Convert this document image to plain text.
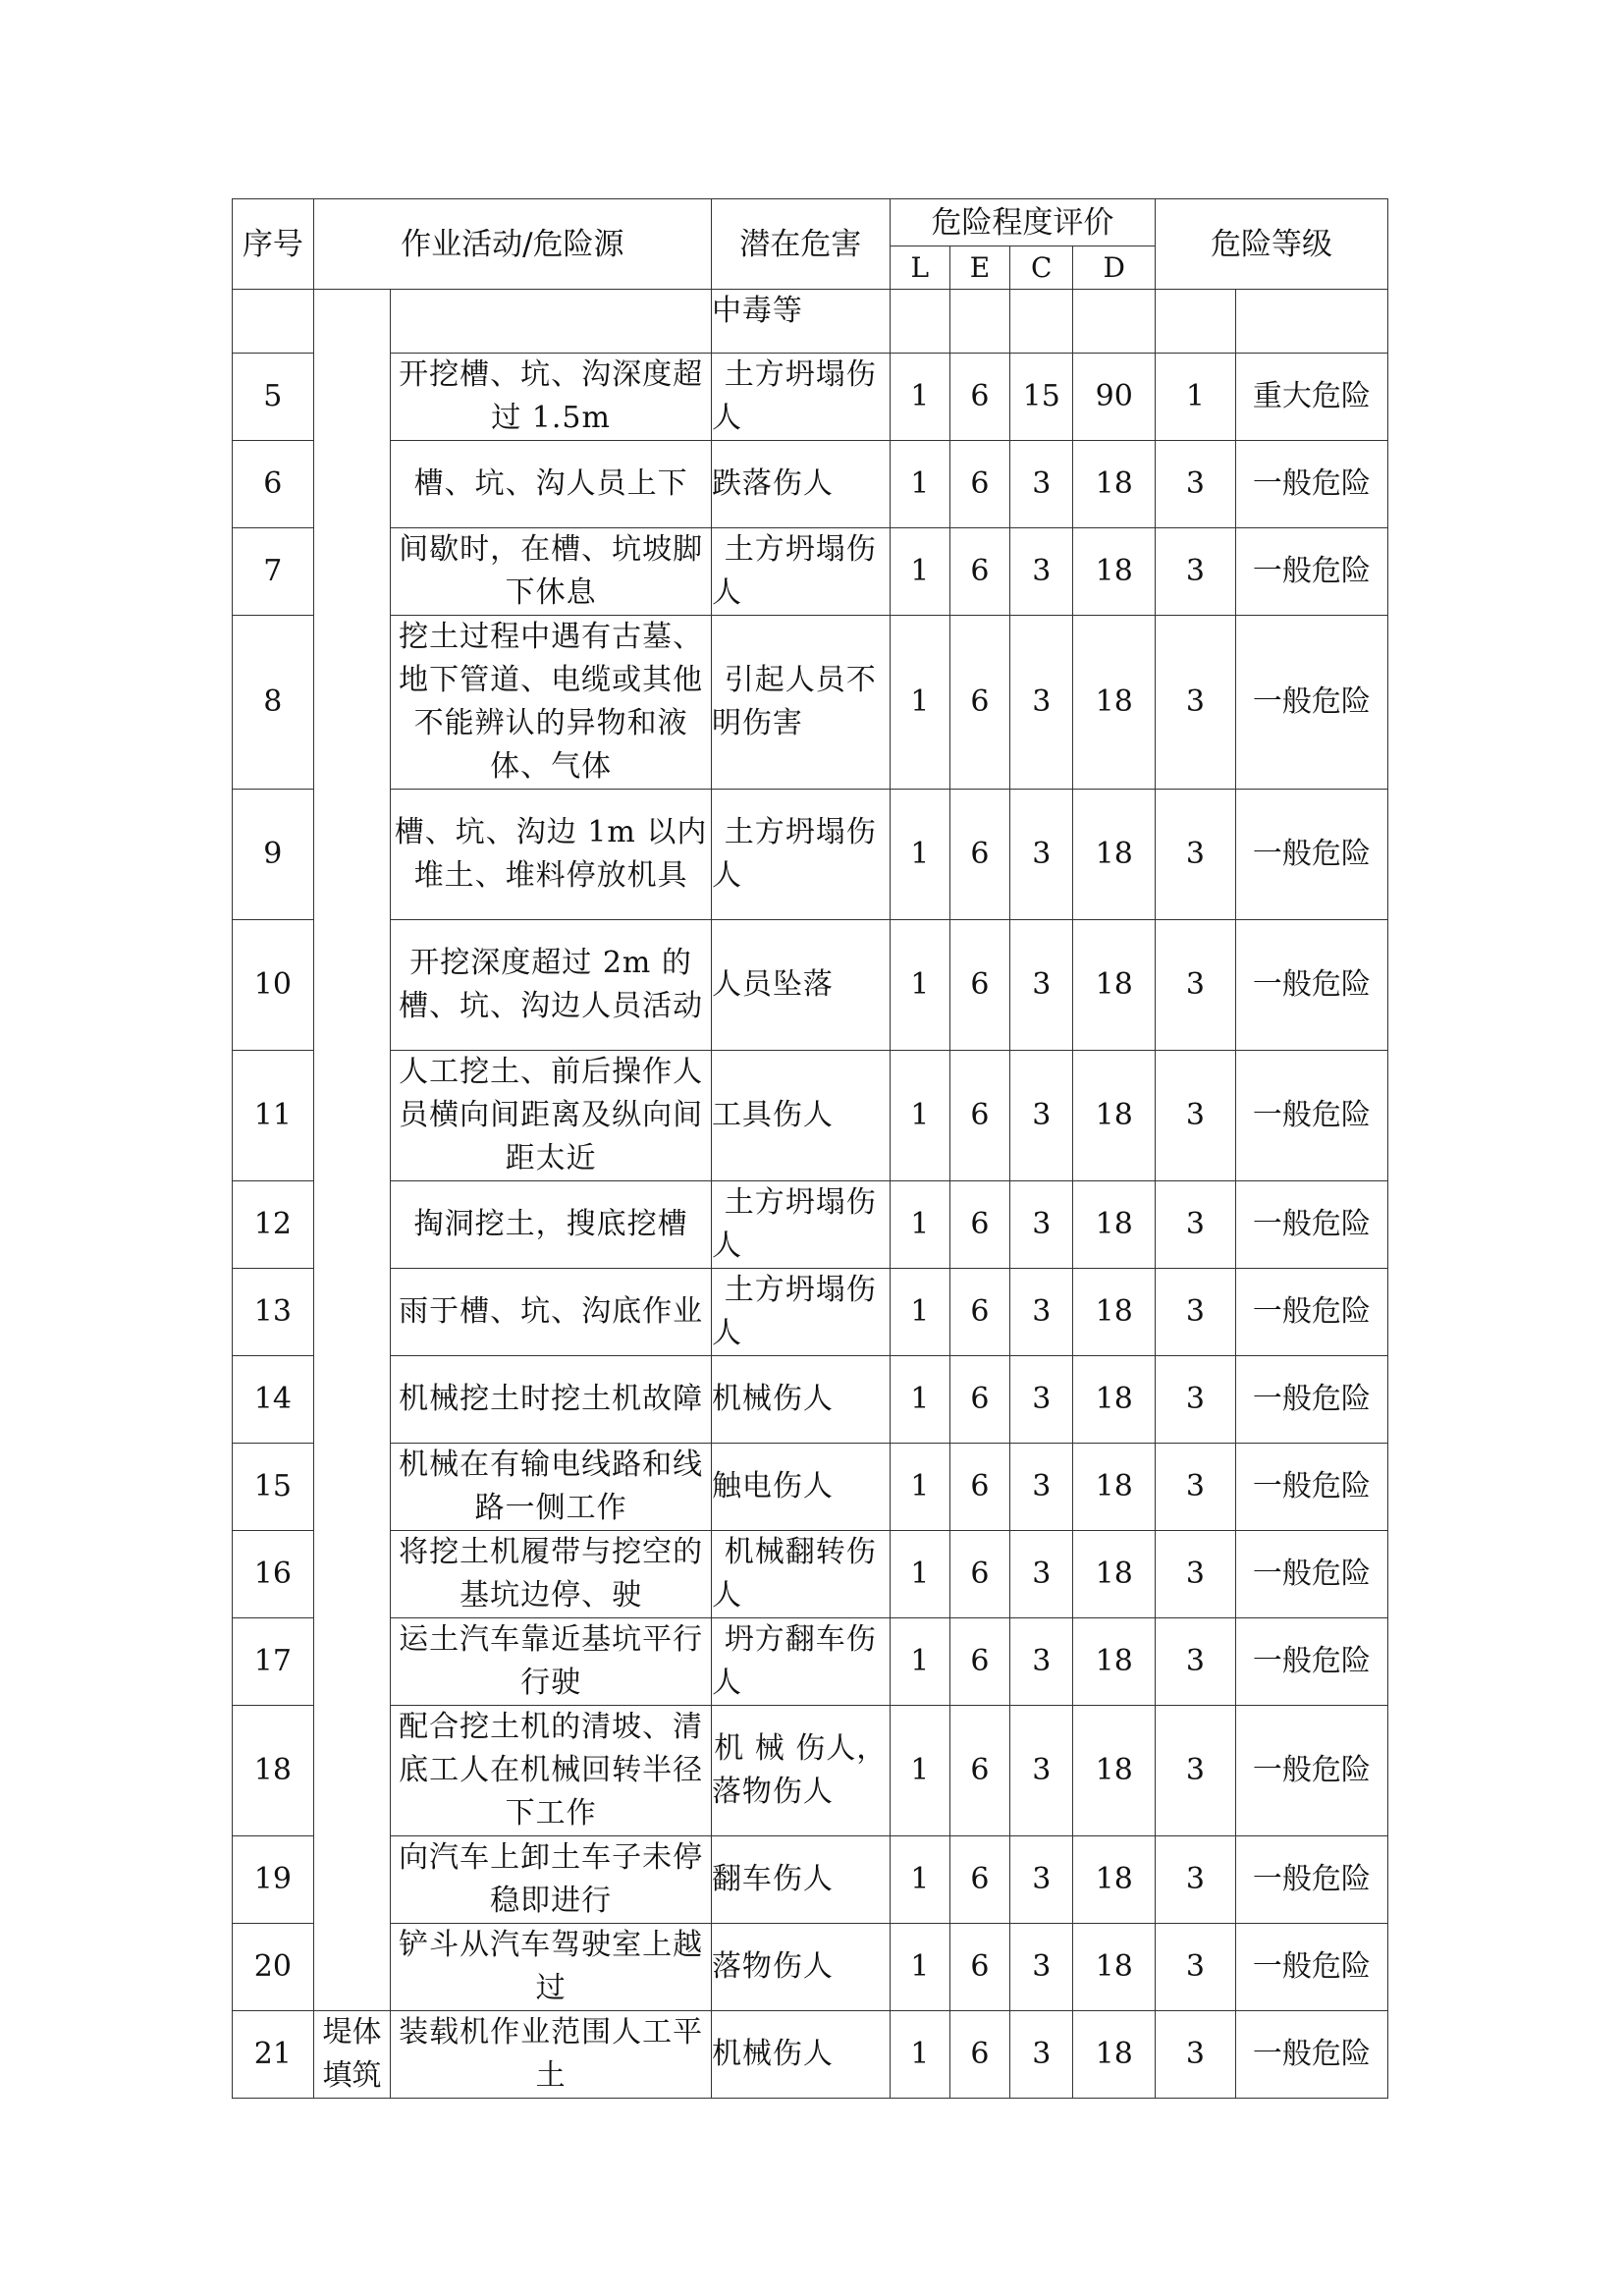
序号	作业活动/危险源		潜在危害	危险程度评价				危险等级	
				L	E	C	D		
			中毒等						
5		开挖槽、坑、沟深度超过 1.5m	土方坍塌伤人	1	6	15	90	1	重大危险
6		槽、坑、沟人员上下	跌落伤人	1	6	3	18	3	一般危险
7		间歇时，在槽、坑坡脚下休息	土方坍塌伤人	1	6	3	18	3	一般危险
8		挖土过程中遇有古墓、地下管道、电缆或其他不能辨认的异物和液体、气体	引起人员不明伤害	1	6	3	18	3	一般危险
9		槽、坑、沟边 1m 以内堆土、堆料停放机具	土方坍塌伤人	1	6	3	18	3	一般危险
10		开挖深度超过 2m 的槽、坑、沟边人员活动	人员坠落	1	6	3	18	3	一般危险
11		人工挖土、前后操作人员横向间距离及纵向间距太近	工具伤人	1	6	3	18	3	一般危险
12		掏洞挖土，搜底挖槽	土方坍塌伤人	1	6	3	18	3	一般危险
13		雨于槽、坑、沟底作业	土方坍塌伤人	1	6	3	18	3	一般危险
14		机械挖土时挖土机故障	机械伤人	1	6	3	18	3	一般危险
15		机械在有输电线路和线路一侧工作	触电伤人	1	6	3	18	3	一般危险
16		将挖土机履带与挖空的基坑边停、驶	机械翻转伤人	1	6	3	18	3	一般危险
17		运土汽车靠近基坑平行行驶	坍方翻车伤人	1	6	3	18	3	一般危险
18		配合挖土机的清坡、清底工人在机械回转半径下工作	机 械 伤人，落物伤人	1	6	3	18	3	一般危险
19		向汽车上卸土车子未停稳即进行	翻车伤人	1	6	3	18	3	一般危险
20		铲斗从汽车驾驶室上越过	落物伤人	1	6	3	18	3	一般危险
21	堤体填筑	装载机作业范围人工平土	机械伤人	1	6	3	18	3	一般危险
